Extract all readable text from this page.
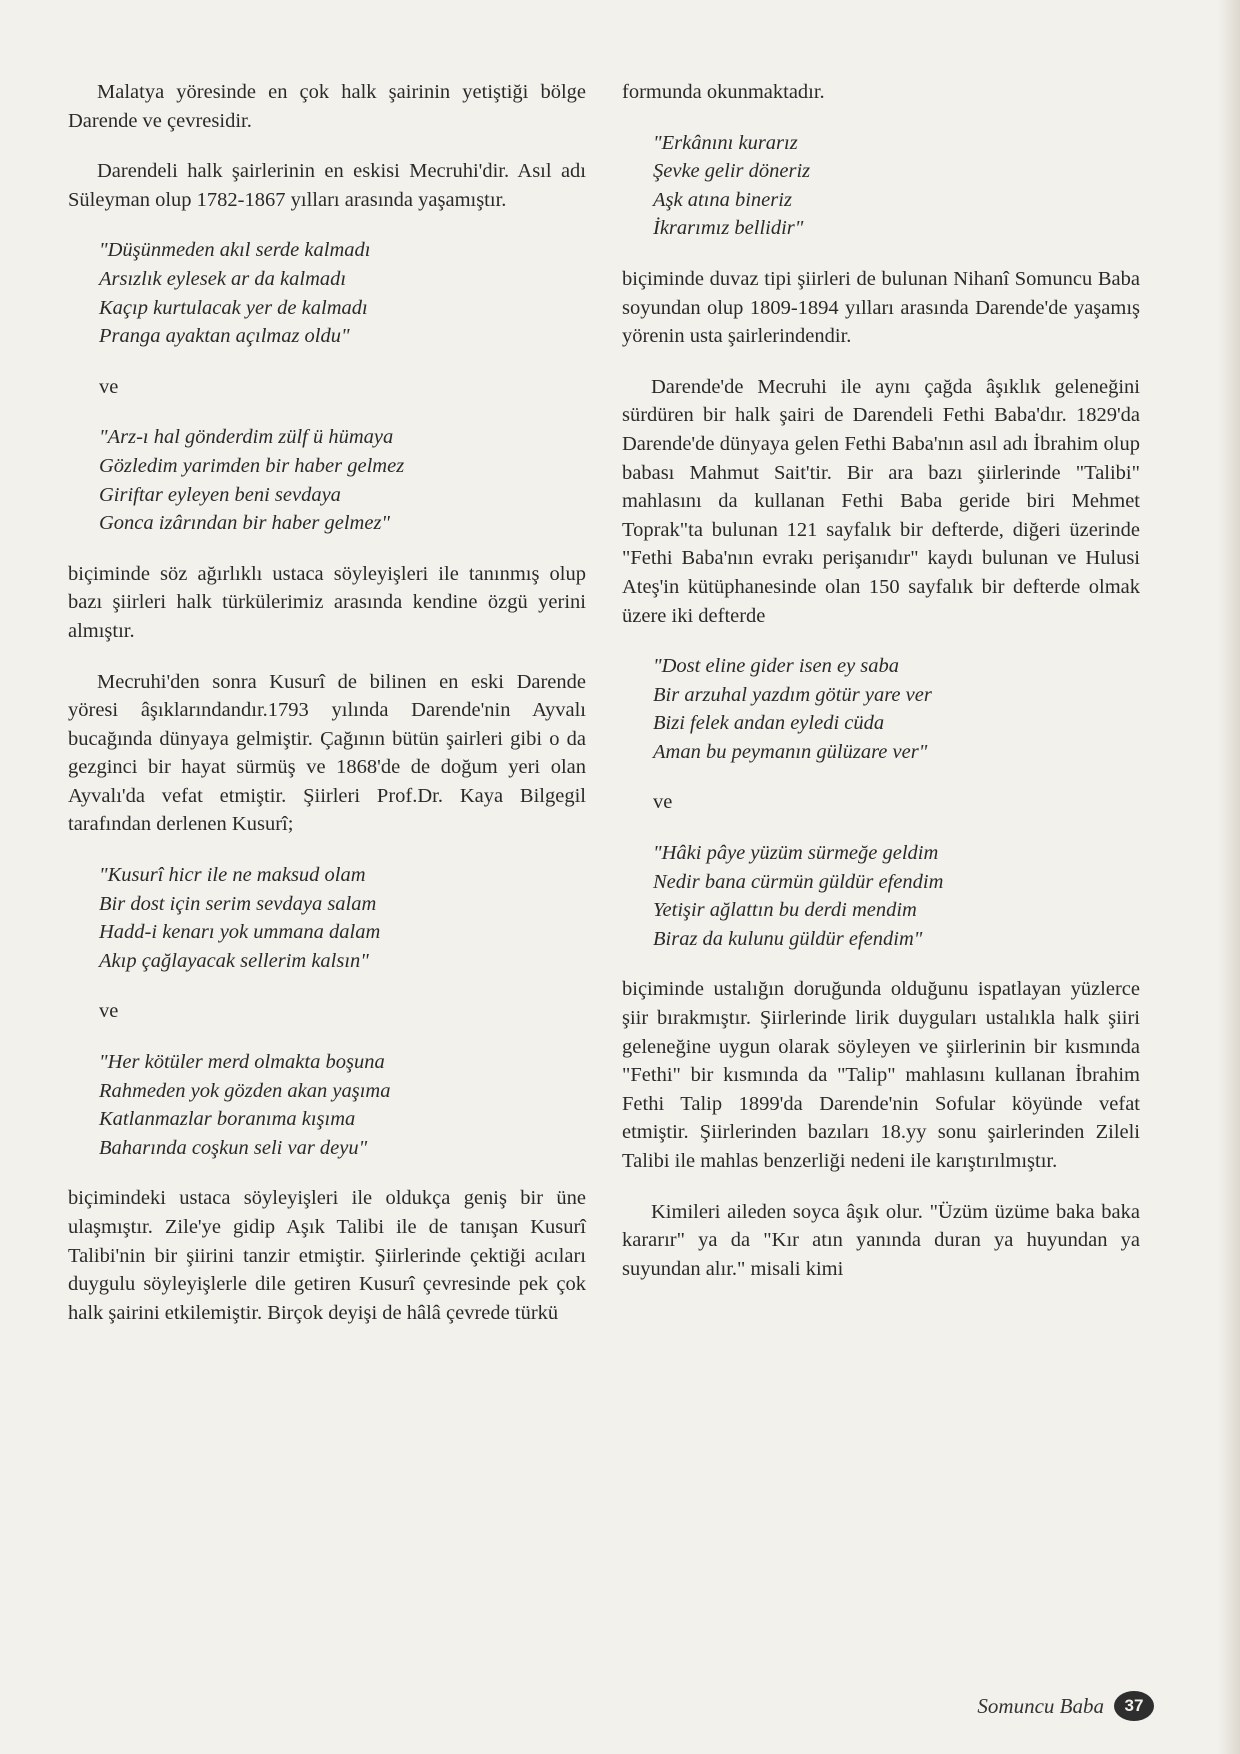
Malatya yöresinde en çok halk şairinin yetiştiği bölge Darende ve çevresidir.

Darendeli halk şairlerinin en eskisi Mecruhi'dir. Asıl adı Süleyman olup 1782-1867 yılları arasında yaşamıştır.

"Düşünmeden akıl serde kalmadı
Arsızlık eylesek ar da kalmadı
Kaçıp kurtulacak yer de kalmadı
Pranga ayaktan açılmaz oldu"
ve
"Arz-ı hal gönderdim zülf ü hümaya
Gözledim yarimden bir haber gelmez
Giriftar eyleyen beni sevdaya
Gonca izârından bir haber gelmez"

biçiminde söz ağırlıklı ustaca söyleyişleri ile tanınmış olup bazı şiirleri halk türkülerimiz arasında kendine özgü yerini almıştır.

Mecruhi'den sonra Kusurî de bilinen en eski Darende yöresi âşıklarındandır.1793 yılında Darende'nin Ayvalı bucağında dünyaya gelmiştir. Çağının bütün şairleri gibi o da gezginci bir hayat sürmüş ve 1868'de de doğum yeri olan Ayvalı'da vefat etmiştir. Şiirleri Prof.Dr. Kaya Bilgegil tarafından derlenen Kusurî;

"Kusurî hicr ile ne maksud olam
Bir dost için serim sevdaya salam
Hadd-i kenarı yok ummana dalam
Akıp çağlayacak sellerim kalsın"
ve
"Her kötüler merd olmakta boşuna
Rahmeden yok gözden akan yaşıma
Katlanmazlar boranıma kışıma
Baharında coşkun seli var deyu"

biçimindeki ustaca söyleyişleri ile oldukça geniş bir üne ulaşmıştır. Zile'ye gidip Aşık Talibi ile de tanışan Kusurî Talibi'nin bir şiirini tanzir etmiştir. Şiirlerinde çektiği acıları duygulu söyleyişlerle dile getiren Kusurî çevresinde pek çok halk şairini etkilemiştir. Birçok deyişi de hâlâ çevrede türkü

formunda okunmaktadır.

"Erkânını kurarız
Şevke gelir döneriz
Aşk atına bineriz
İkrarımız bellidir"

biçiminde duvaz tipi şiirleri de bulunan Nihanî Somuncu Baba soyundan olup 1809-1894 yılları arasında Darende'de yaşamış yörenin usta şairlerindendir.

Darende'de Mecruhi ile aynı çağda âşıklık geleneğini sürdüren bir halk şairi de Darendeli Fethi Baba'dır. 1829'da Darende'de dünyaya gelen Fethi Baba'nın asıl adı İbrahim olup babası Mahmut Sait'tir. Bir ara bazı şiirlerinde "Talibi" mahlasını da kullanan Fethi Baba geride biri Mehmet Toprak"ta bulunan 121 sayfalık bir defterde, diğeri üzerinde "Fethi Baba'nın evrakı perişanıdır" kaydı bulunan ve Hulusi Ateş'in kütüphanesinde olan 150 sayfalık bir defterde olmak üzere iki defterde

"Dost eline gider isen ey saba
Bir arzuhal yazdım götür yare ver
Bizi felek andan eyledi cüda
Aman bu peymanın gülüzare ver"
ve
"Hâki pâye yüzüm sürmeğe geldim
Nedir bana cürmün güldür efendim
Yetişir ağlattın bu derdi mendim
Biraz da kulunu güldür efendim"

biçiminde ustalığın doruğunda olduğunu ispatlayan yüzlerce şiir bırakmıştır. Şiirlerinde lirik duyguları ustalıkla halk şiiri geleneğine uygun olarak söyleyen ve şiirlerinin bir kısmında "Fethi" bir kısmında da "Talip" mahlasını kullanan İbrahim Fethi Talip 1899'da Darende'nin Sofular köyünde vefat etmiştir. Şiirlerinden bazıları 18.yy sonu şairlerinden Zileli Talibi ile mahlas benzerliği nedeni ile karıştırılmıştır.

Kimileri aileden soyca âşık olur. "Üzüm üzüme baka baka kararır" ya da "Kır atın yanında duran ya huyundan ya suyundan alır." misali kimi

Somuncu Baba	37
